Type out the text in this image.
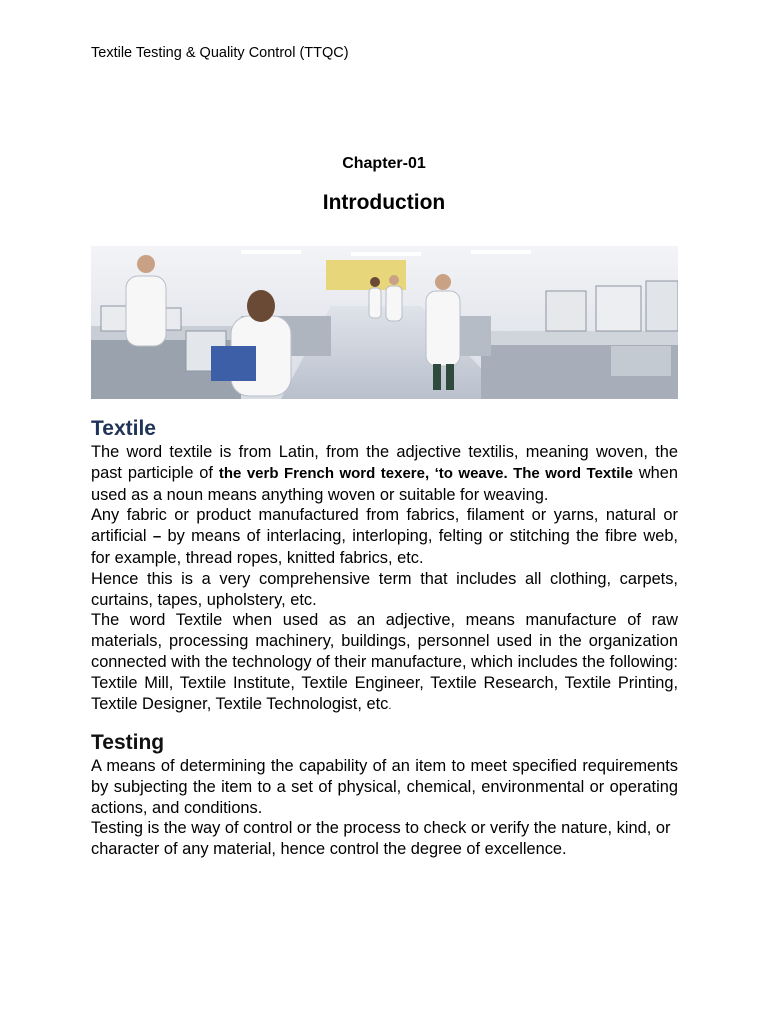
Textile Testing & Quality Control (TTQC)
Chapter-01
Introduction
Textile

The word textile is from Latin, from the adjective textilis, meaning woven, the past participle of the verb French word texere, ‘to weave. The word Textile when used as a noun means anything woven or suitable for weaving.

Any fabric or product manufactured from fabrics, filament or yarns, natural or artificial – by means of interlacing, interloping, felting or stitching the fibre web, for example, thread ropes, knitted fabrics, etc.

Hence this is a very comprehensive term that includes all clothing, carpets, curtains, tapes, upholstery, etc.

The word Textile when used as an adjective, means manufacture of raw materials, processing machinery, buildings, personnel used in the organization connected with the technology of their manufacture, which includes the following: Textile Mill, Textile Institute, Textile Engineer, Textile Research, Textile Printing, Textile Designer, Textile Technologist, etc.

Testing

A means of determining the capability of an item to meet specified requirements by subjecting the item to a set of physical, chemical, environmental or operating actions, and conditions.

Testing is the way of control or the process to check or verify the nature, kind, or character of any material, hence control the degree of excellence.
